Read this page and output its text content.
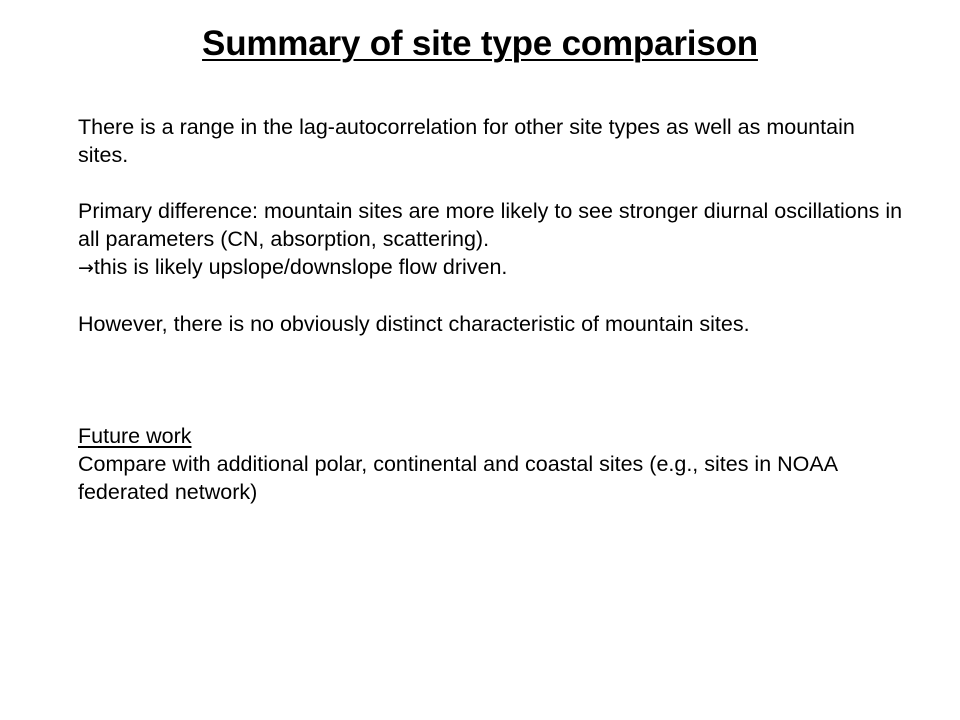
Summary of site type comparison

There is a range in the lag-autocorrelation for other site types as well as mountain sites.

Primary difference: mountain sites are more likely to see stronger diurnal oscillations in all parameters (CN, absorption, scattering).

→this is likely upslope/downslope flow driven.

However, there is no obviously distinct characteristic of mountain sites.

Future work

Compare with additional polar, continental and coastal sites (e.g., sites in NOAA federated network)
